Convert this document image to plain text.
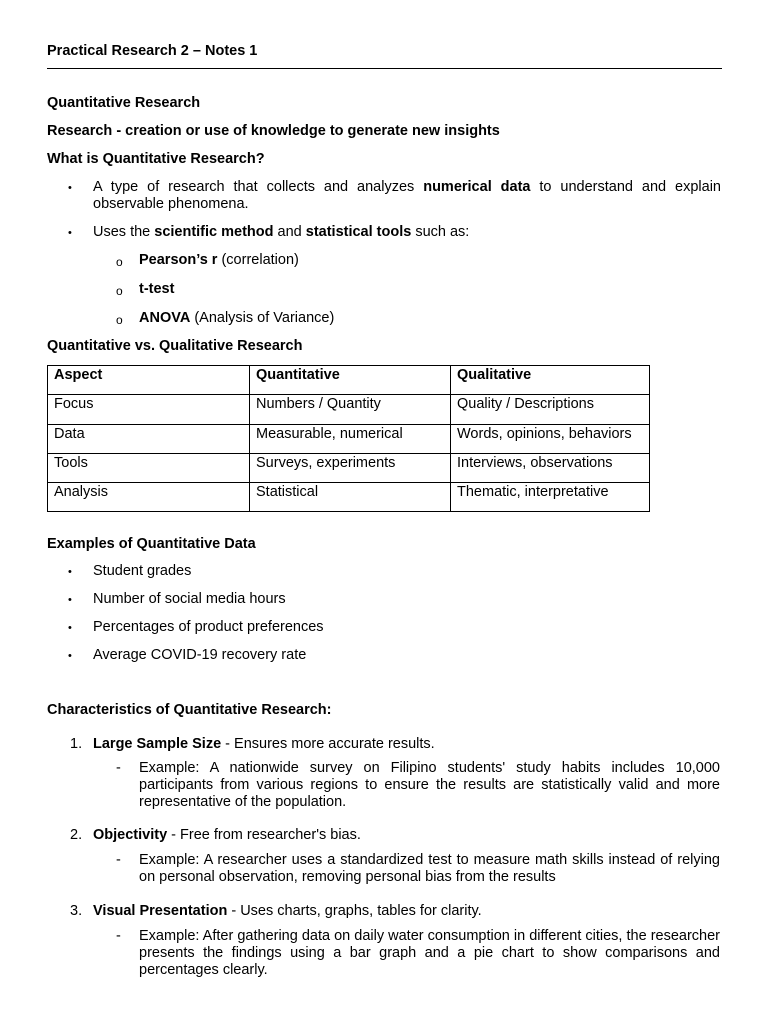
Practical Research 2 – Notes 1
Quantitative Research
Research - creation or use of knowledge to generate new insights
What is Quantitative Research?
• A type of research that collects and analyzes numerical data to understand and explain observable phenomena.
• Uses the scientific method and statistical tools such as:
o Pearson’s r (correlation)
o t-test
o ANOVA (Analysis of Variance)
Quantitative vs. Qualitative Research
Aspect	Quantitative	Qualitative
Focus	Numbers / Quantity	Quality / Descriptions
Data	Measurable, numerical	Words, opinions, behaviors
Tools	Surveys, experiments	Interviews, observations
Analysis	Statistical	Thematic, interpretative
Examples of Quantitative Data
• Student grades
• Number of social media hours
• Percentages of product preferences
• Average COVID-19 recovery rate
Characteristics of Quantitative Research:
1. Large Sample Size - Ensures more accurate results.
- Example: A nationwide survey on Filipino students' study habits includes 10,000 participants from various regions to ensure the results are statistically valid and more representative of the population.
2. Objectivity - Free from researcher's bias.
- Example: A researcher uses a standardized test to measure math skills instead of relying on personal observation, removing personal bias from the results
3. Visual Presentation - Uses charts, graphs, tables for clarity.
- Example: After gathering data on daily water consumption in different cities, the researcher presents the findings using a bar graph and a pie chart to show comparisons and percentages clearly.
